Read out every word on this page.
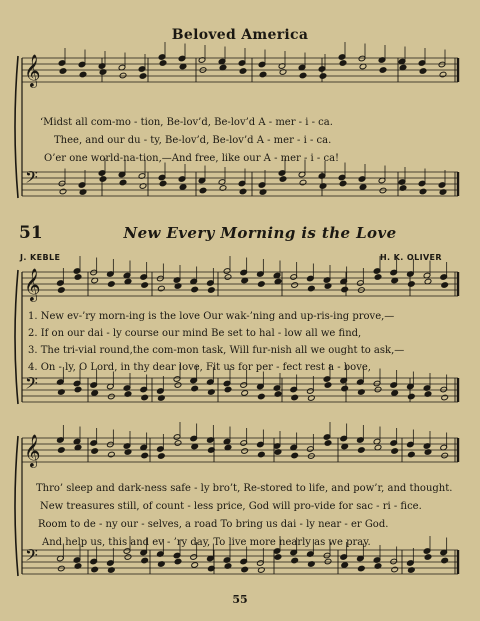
𝄞
𝄢
𝄞
𝄢
𝄞
𝄢
Beloved America
‘Midst all com-mo - tion, Be-lov’d, Be-lov’d A - mer - i - ca.
Thee, and our du - ty, Be-lov’d, Be-lov’d A - mer - i - ca.
O’er one world-na-tion,—And free, like our A - mer - i - ca!
51	New Every Morning is the Love
J. KEBLE	H. K. OLIVER
1. New ev-’ry morn-ing is the love Our wak-’ning and up-ris-ing prove,—
2. If on our dai - ly course our mind Be set to hal - low all we find,
3. The tri-vial round,the com-mon task, Will fur-nish all we ought to ask,—
4. On - ly, O Lord, in thy dear love, Fit us for per - fect rest a - bove,
Thro’ sleep and dark-ness safe - ly bro’t, Re-stored to life, and pow’r, and thought.
New treasures still, of count - less price, God will pro-vide for sac - ri - fice.
Room to de - ny our - selves, a road To bring us dai - ly near - er God.
And help us, this and ev - ’ry day, To live more nearly as we pray.
55
